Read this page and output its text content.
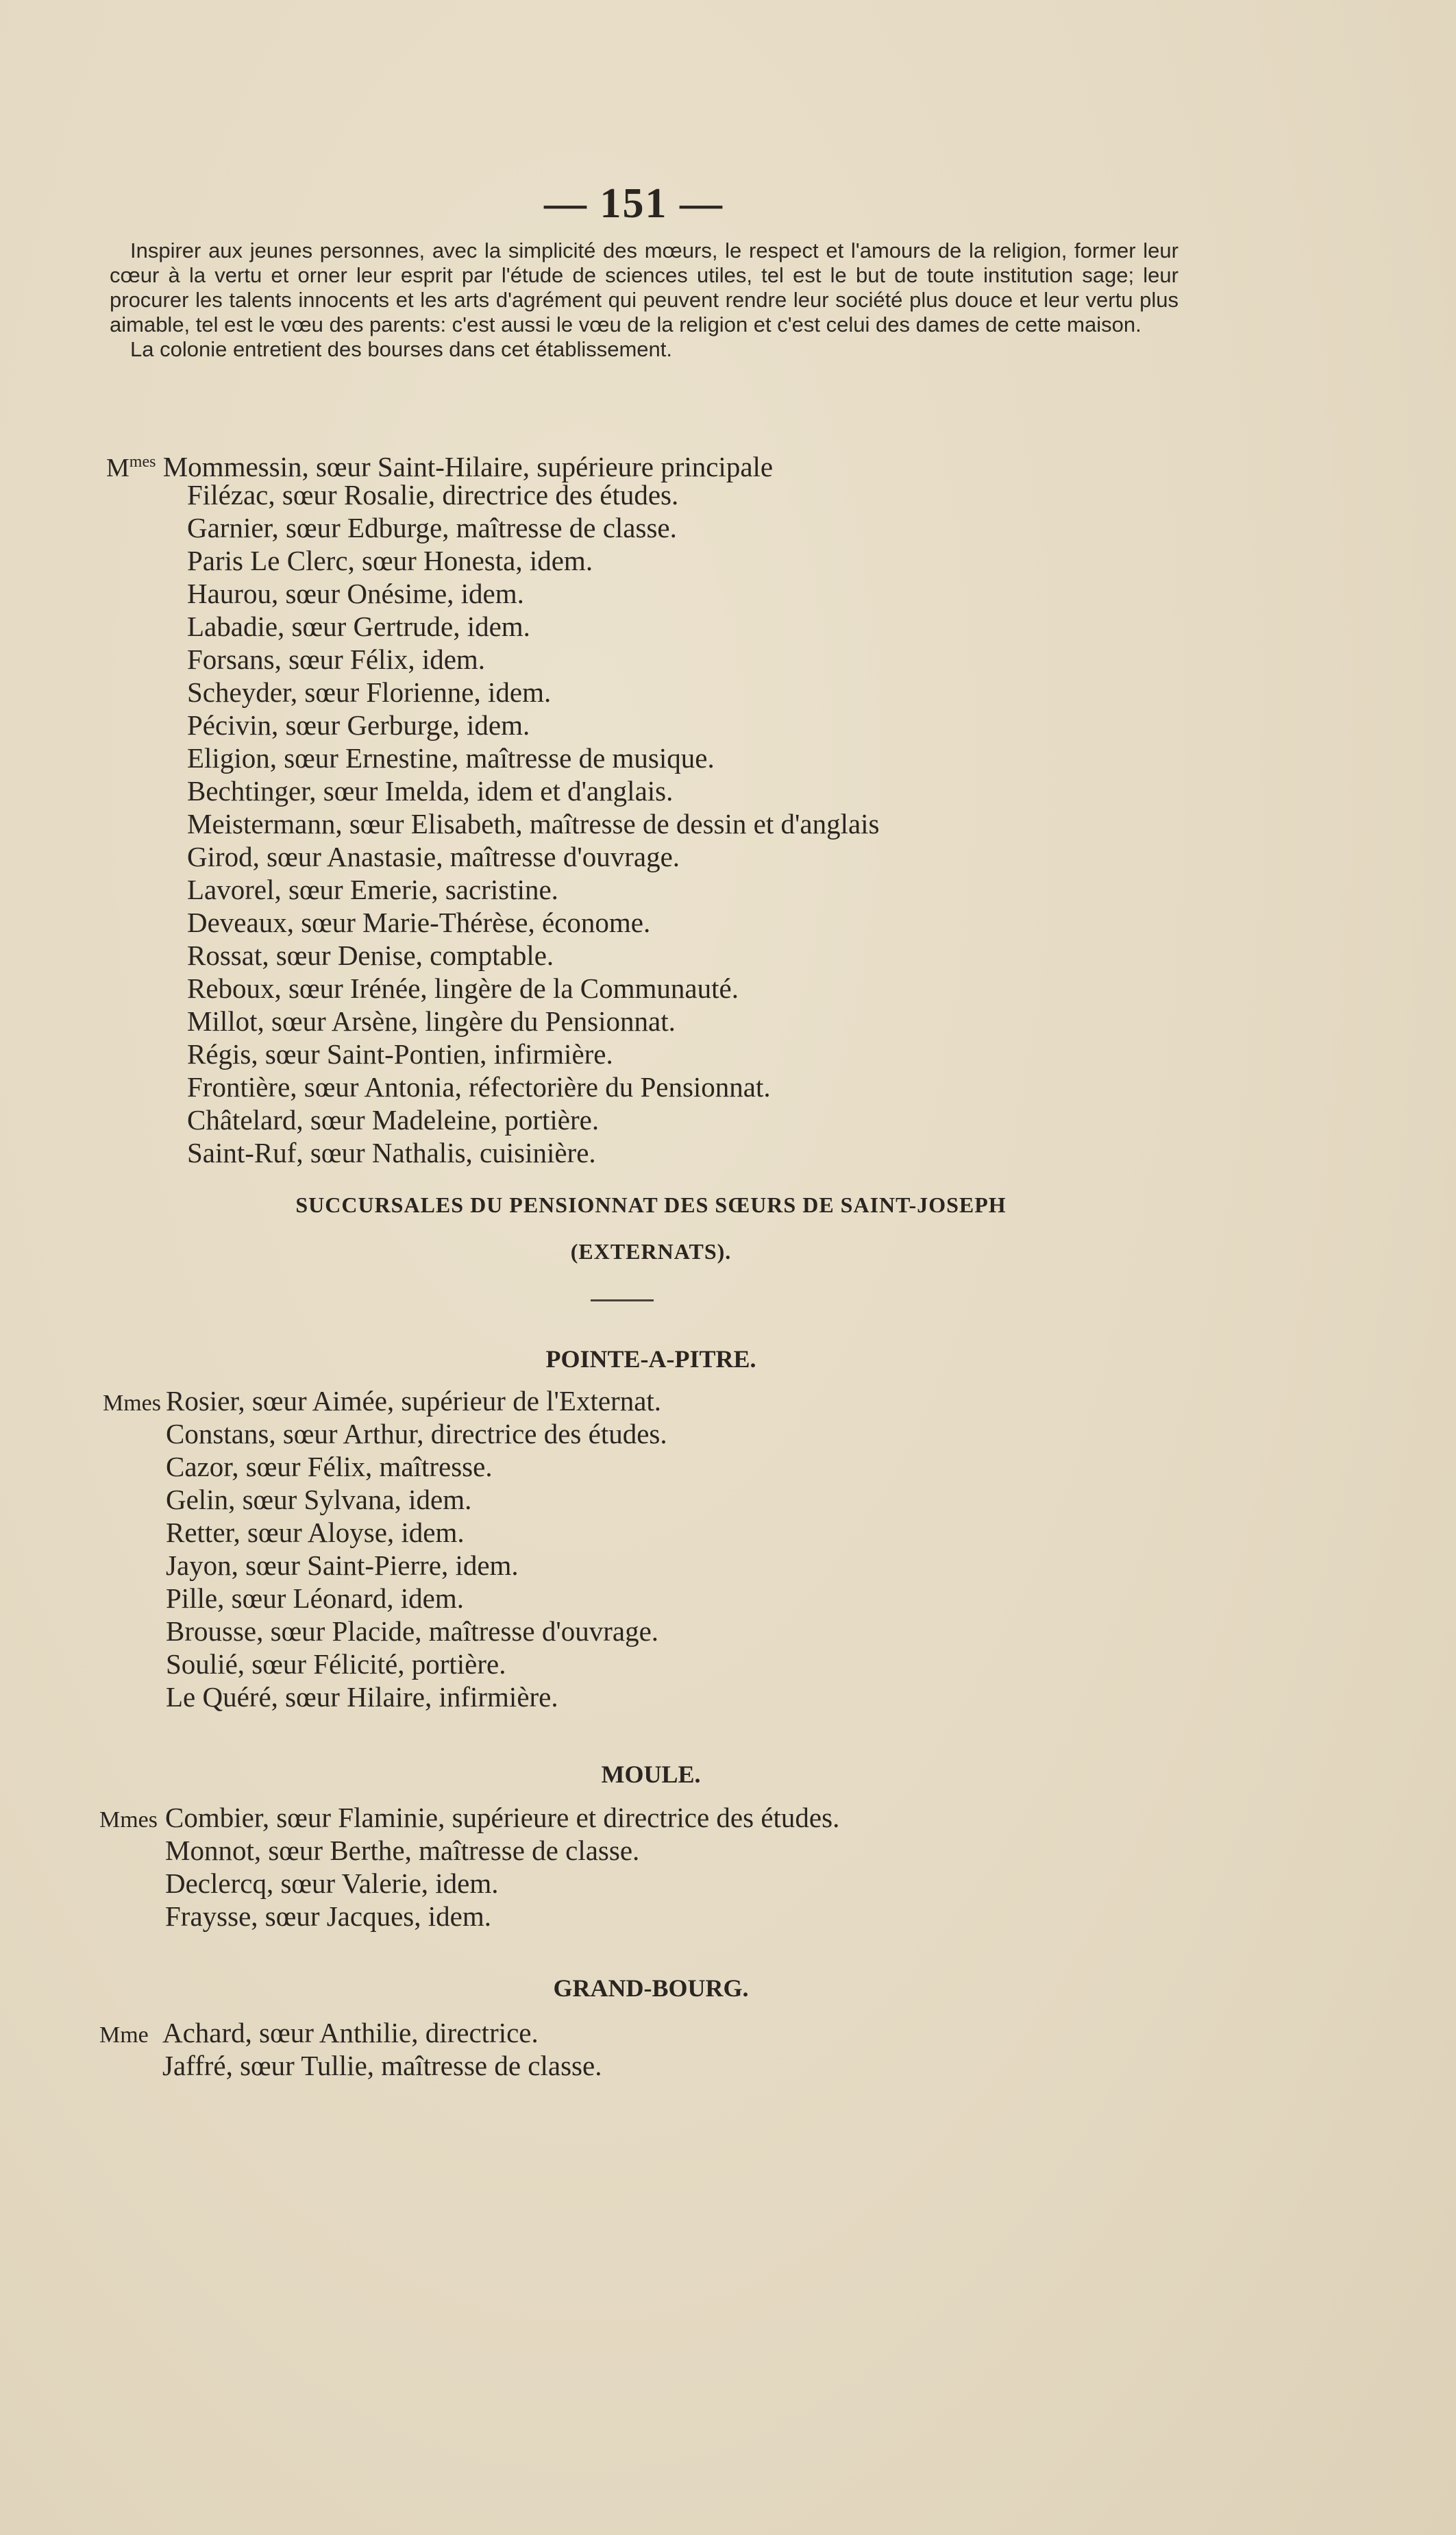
— 151 —

Inspirer aux jeunes personnes, avec la simplicité des mœurs, le respect et l'amours de la religion, former leur cœur à la vertu et orner leur esprit par l'étude de sciences utiles, tel est le but de toute institution sage; leur procurer les talents innocents et les arts d'agrément qui peuvent rendre leur société plus douce et leur vertu plus aimable, tel est le vœu des parents: c'est aussi le vœu de la religion et c'est celui des dames de cette maison.

La colonie entretient des bourses dans cet établissement.

$M^{mes}$ Mommessin, sœur Saint-Hilaire, supérieure principale
Filézac, sœur Rosalie, directrice des études.
Garnier, sœur Edburge, maîtresse de classe.
Paris Le Clerc, sœur Honesta, idem.
Haurou, sœur Onésime, idem.
Labadie, sœur Gertrude, idem.
Forsans, sœur Félix, idem.
Scheyder, sœur Florienne, idem.
Pécivin, sœur Gerburge, idem.
Eligion, sœur Ernestine, maîtresse de musique.
Bechtinger, sœur Imelda, idem et d'anglais.
Meistermann, sœur Elisabeth, maîtresse de dessin et d'anglais
Girod, sœur Anastasie, maîtresse d'ouvrage.
Lavorel, sœur Emerie, sacristine.
Deveaux, sœur Marie-Thérèse, économe.
Rossat, sœur Denise, comptable.
Reboux, sœur Irénée, lingère de la Communauté.
Millot, sœur Arsène, lingère du Pensionnat.
Régis, sœur Saint-Pontien, infirmière.
Frontière, sœur Antonia, réfectorière du Pensionnat.
Châtelard, sœur Madeleine, portière.
Saint-Ruf, sœur Nathalis, cuisinière.
SUCCURSALES DU PENSIONNAT DES SŒURS DE SAINT-JOSEPH
(EXTERNATS).
POINTE-A-PITRE.
Mmes Rosier, sœur Aimée, supérieur de l'Externat.
Constans, sœur Arthur, directrice des études.
Cazor, sœur Félix, maîtresse.
Gelin, sœur Sylvana, idem.
Retter, sœur Aloyse, idem.
Jayon, sœur Saint-Pierre, idem.
Pille, sœur Léonard, idem.
Brousse, sœur Placide, maîtresse d'ouvrage.
Soulié, sœur Félicité, portière.
Le Quéré, sœur Hilaire, infirmière.
MOULE.
Mmes Combier, sœur Flaminie, supérieure et directrice des études.
Monnot, sœur Berthe, maîtresse de classe.
Declercq, sœur Valerie, idem.
Fraysse, sœur Jacques, idem.
GRAND-BOURG.
Mme Achard, sœur Anthilie, directrice.
Jaffré, sœur Tullie, maîtresse de classe.
